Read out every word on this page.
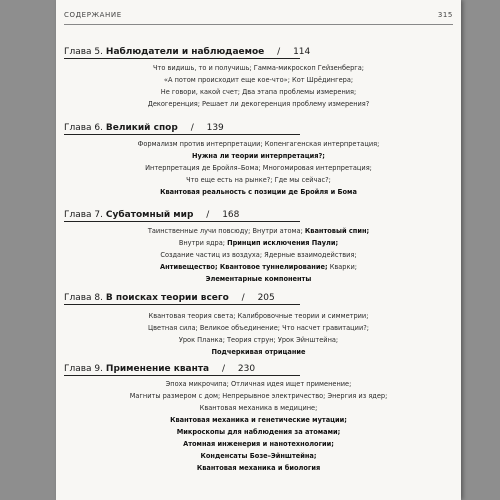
СОДЕРЖАНИЕ	315
Глава 5. Наблюдатели и наблюдаемое / 114
Что видишь, то и получишь; Гамма-микроскоп Гейзенберга;
«А потом происходит еще кое-что»; Кот Шрёдингера;
Не говори, какой счет; Два этапа проблемы измерения;
Декогеренция; Решает ли декогеренция проблему измерения?
Глава 6. Великий спор / 139
Формализм против интерпретации; Копенгагенская интерпретация;
Нужна ли теории интерпретация?;
Интерпретация де Бройля–Бома; Многомировая интерпретация;
Что еще есть на рынке?; Где мы сейчас?;
Квантовая реальность с позиции де Бройля и Бома
Глава 7. Субатомный мир / 168
Таинственные лучи повсюду; Внутри атома; Квантовый спин;
Внутри ядра; Принцип исключения Паули;
Создание частиц из воздуха; Ядерные взаимодействия;
Антивещество; Квантовое туннелирование; Кварки;
Элементарные компоненты
Глава 8. В поисках теории всего / 205
Квантовая теория света; Калибровочные теории и симметрии;
Цветная сила; Великое объединение; Что насчет гравитации?;
Урок Планка; Теория струн; Урок Эйнштейна;
Подчеркивая отрицание
Глава 9. Применение кванта / 230
Эпоха микрочипа; Отличная идея ищет применение;
Магниты размером с дом; Непрерывное электричество; Энергия из ядер;
Квантовая механика в медицине;
Квантовая механика и генетические мутации;
Микроскопы для наблюдения за атомами;
Атомная инженерия и нанотехнологии;
Конденсаты Бозе–Эйнштейна;
Квантовая механика и биология
